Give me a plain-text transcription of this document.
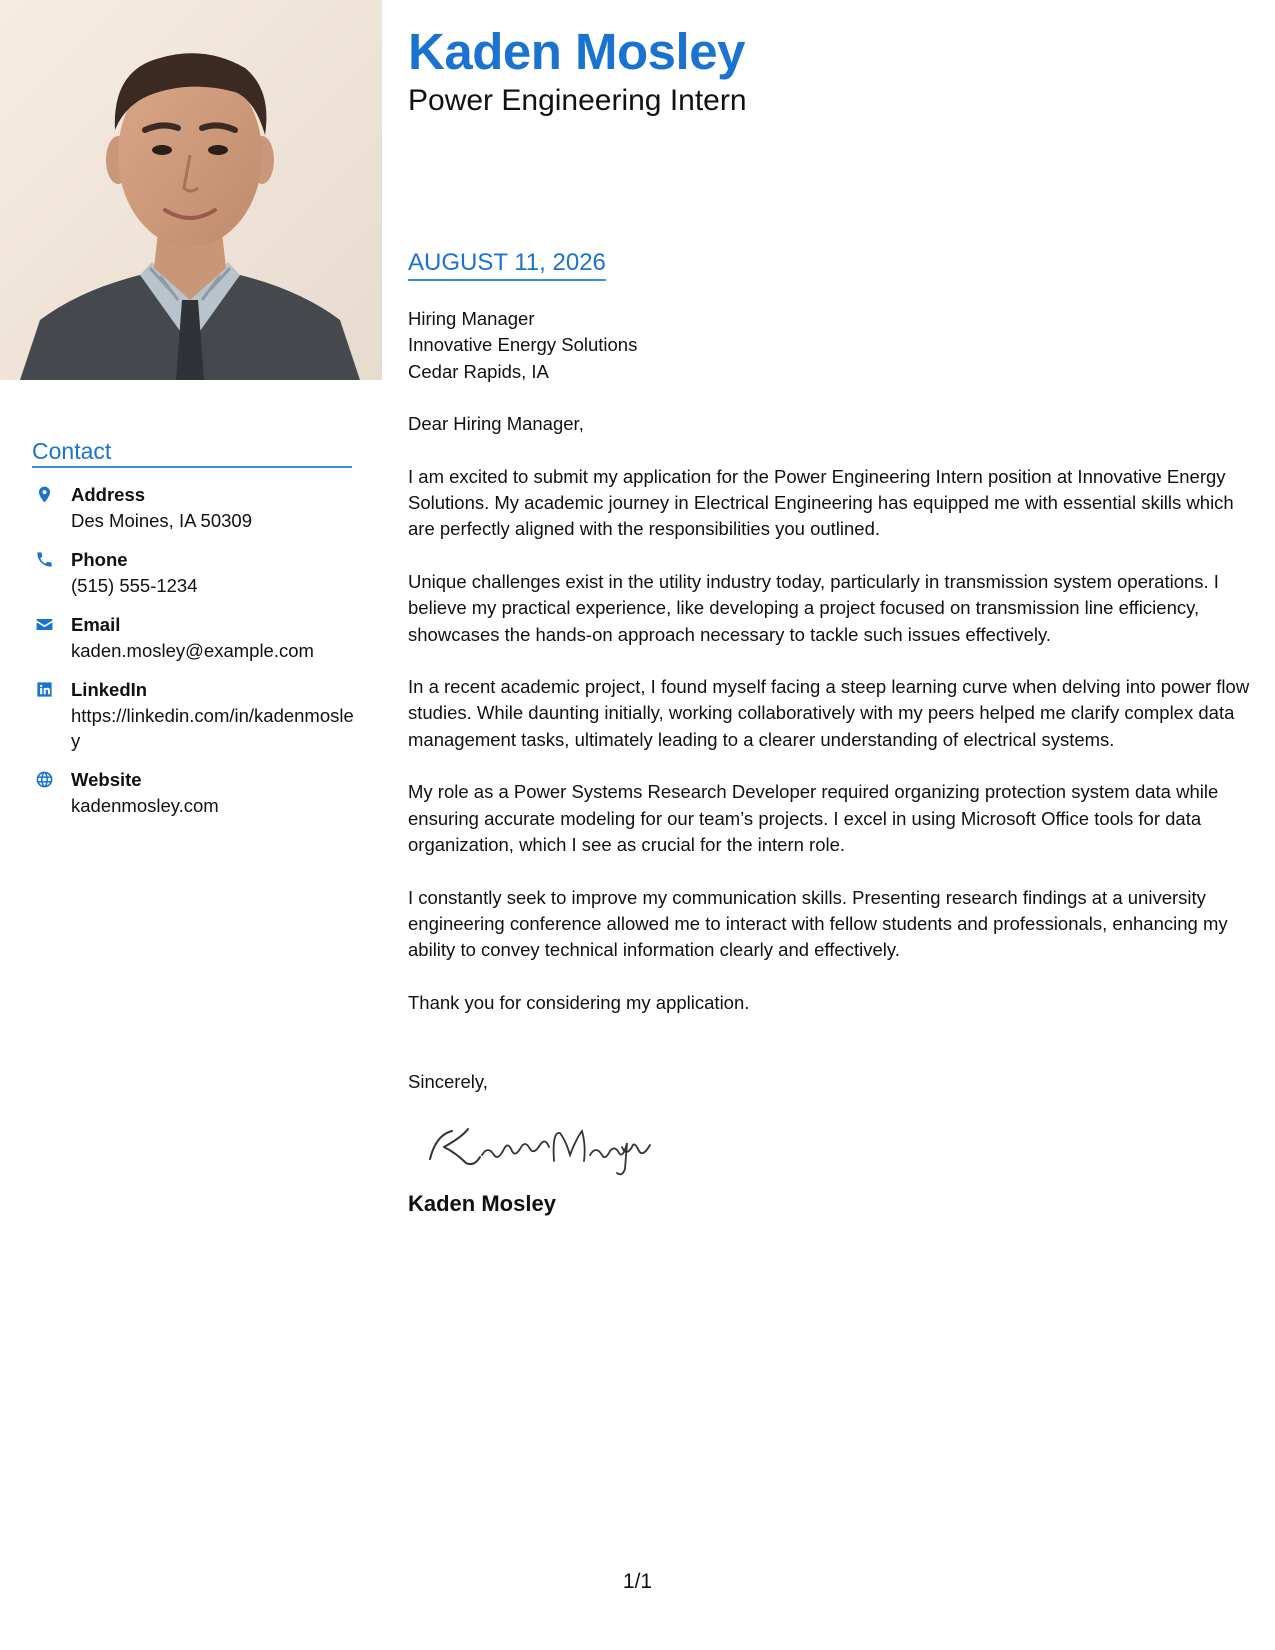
Contact
Address
Des Moines, IA 50309
Phone
(515) 555-1234
Email
kaden.mosley@example.com
LinkedIn
https://linkedin.com/in/kadenmosley
Website
kadenmosley.com
Kaden Mosley
Power Engineering Intern
AUGUST 11, 2026
Hiring Manager
Innovative Energy Solutions
Cedar Rapids, IA

Dear Hiring Manager,

I am excited to submit my application for the Power Engineering Intern position at Innovative Energy Solutions. My academic journey in Electrical Engineering has equipped me with essential skills which are perfectly aligned with the responsibilities you outlined.

Unique challenges exist in the utility industry today, particularly in transmission system operations. I believe my practical experience, like developing a project focused on transmission line efficiency, showcases the hands-on approach necessary to tackle such issues effectively.

In a recent academic project, I found myself facing a steep learning curve when delving into power flow studies. While daunting initially, working collaboratively with my peers helped me clarify complex data management tasks, ultimately leading to a clearer understanding of electrical systems.

My role as a Power Systems Research Developer required organizing protection system data while ensuring accurate modeling for our team’s projects. I excel in using Microsoft Office tools for data organization, which I see as crucial for the intern role.

I constantly seek to improve my communication skills. Presenting research findings at a university engineering conference allowed me to interact with fellow students and professionals, enhancing my ability to convey technical information clearly and effectively.

Thank you for considering my application.

Sincerely,
Kaden Mosley
1/1
